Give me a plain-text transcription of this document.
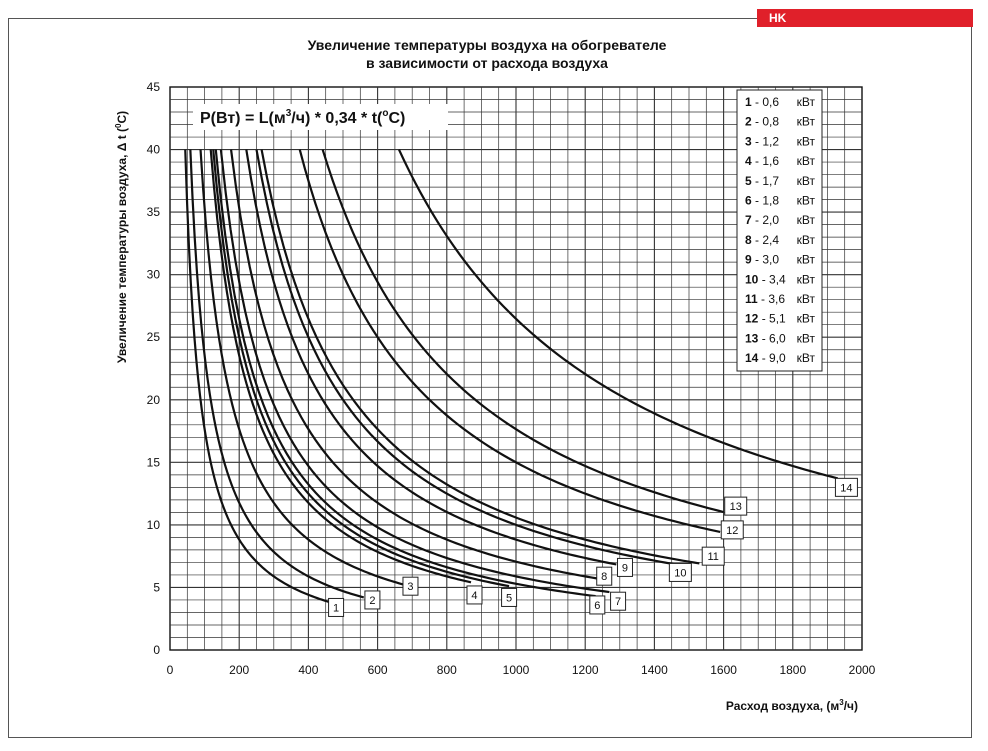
HK
Увеличение температуры воздуха на обогревателе
в зависимости от расхода воздуха
0	200	400	600	800	1000	1200	1400	1600	1800	2000
0
5
10
15
20
25
30
35
40
45
1
2
3
4	5
6 7
8
9	10
11
12
13
14
$P(Вт) = L(м^3/ч) * 0,34 * t(^oC)$
1 - 0,6 кВт
2 - 0,8 кВт
3 - 1,2 кВт
4 - 1,6 кВт
5 - 1,7 кВт
6 - 1,8 кВт
7 - 2,0 кВт
8 - 2,4 кВт
9 - 3,0 кВт
10 - 3,4 кВт
11 - 3,6 кВт
12 - 5,1 кВт
13 - 6,0 кВт
14 - 9,0 кВт
Расход воздуха, $(м^3/ч)$
Увеличение температуры воздуха, Δ t ($^0$C)
